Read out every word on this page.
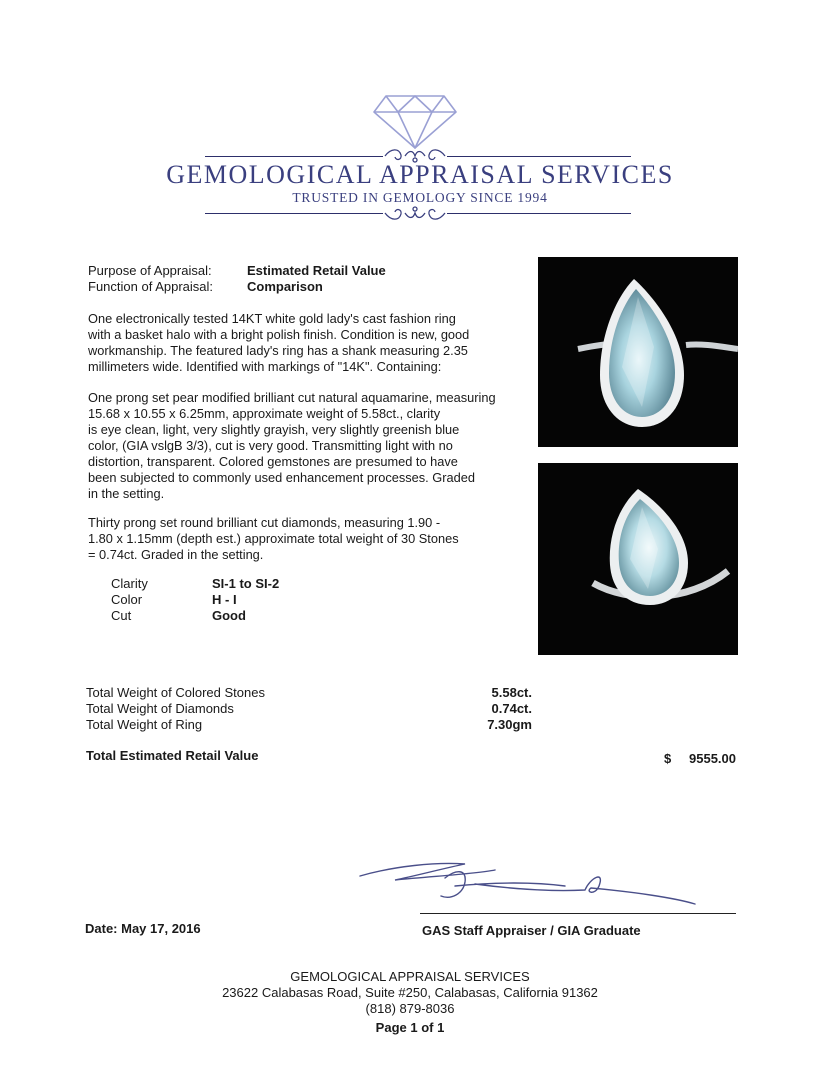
GEMOLOGICAL APPRAISAL SERVICES
TRUSTED IN GEMOLOGY SINCE 1994
Purpose of Appraisal:	Estimated Retail Value
Function of Appraisal:	Comparison
One electronically tested 14KT white gold lady's cast fashion ring
with a basket halo with a bright polish finish. Condition is new, good
workmanship. The featured lady's ring has a shank measuring 2.35
millimeters wide. Identified with markings of "14K". Containing:
One prong set pear modified brilliant cut natural aquamarine, measuring
15.68 x 10.55 x 6.25mm, approximate weight of 5.58ct., clarity
is eye clean, light, very slightly grayish, very slightly greenish blue
color, (GIA vslgB 3/3), cut is very good. Transmitting light with no
distortion, transparent. Colored gemstones are presumed to have
been subjected to commonly used enhancement processes. Graded
in the setting.
Thirty prong set round brilliant cut diamonds, measuring 1.90 -
1.80 x 1.15mm (depth est.) approximate total weight of 30 Stones
= 0.74ct. Graded in the setting.
Clarity	SI-1 to SI-2
Color	H - I
Cut	Good
Total Weight of Colored Stones	5.58ct.
Total Weight of Diamonds	0.74ct.
Total Weight of Ring	7.30gm
Total Estimated Retail Value	$	9555.00
Date: May 17, 2016	GAS Staff Appraiser / GIA Graduate
GEMOLOGICAL APPRAISAL SERVICES
23622 Calabasas Road, Suite #250, Calabasas, California 91362
(818) 879-8036
Page 1 of 1
